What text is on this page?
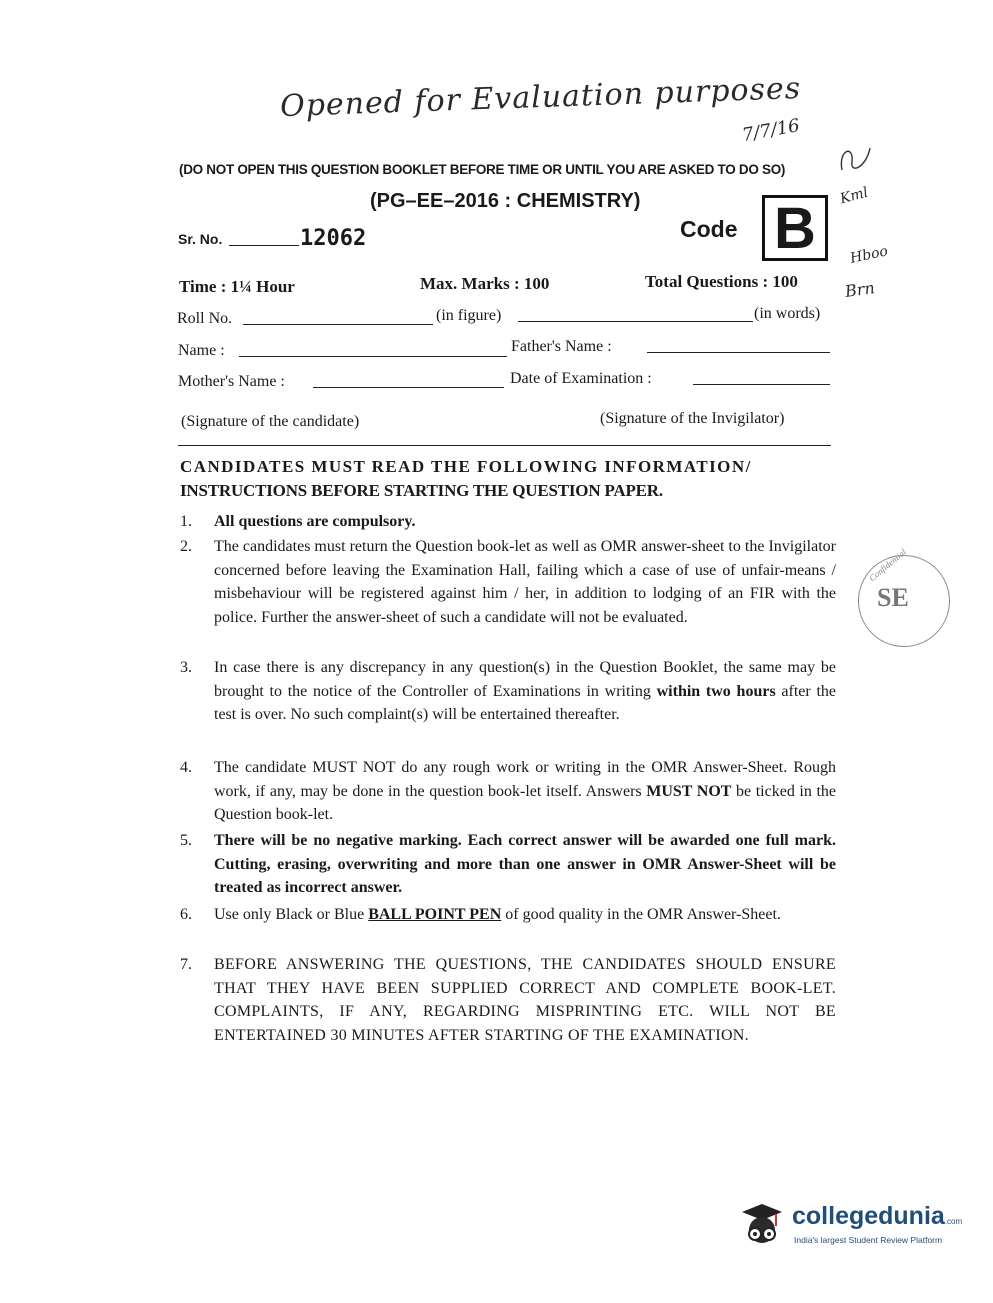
Opened for Evaluation purposes
7/7/16
Kml
Hboo
Brn
(DO NOT OPEN THIS QUESTION BOOKLET BEFORE TIME OR UNTIL YOU ARE ASKED TO DO SO)
(PG–EE–2016 : CHEMISTRY)
Sr. No.	12062	Code B
Time : 1¼ Hour	Max. Marks : 100	Total Questions : 100
Roll No.	(in figure)	(in words)
Name :	Father's Name :
Mother's Name :	Date of Examination :
(Signature of the candidate)	(Signature of the Invigilator)
CANDIDATES MUST READ THE FOLLOWING INFORMATION/
INSTRUCTIONS BEFORE STARTING THE QUESTION PAPER.
1. All questions are compulsory.
2. The candidates must return the Question book-let as well as OMR answer-sheet to the Invigilator concerned before leaving the Examination Hall, failing which a case of use of unfair-means / misbehaviour will be registered against him / her, in addition to lodging of an FIR with the police. Further the answer-sheet of such a candidate will not be evaluated.
3. In case there is any discrepancy in any question(s) in the Question Booklet, the same may be brought to the notice of the Controller of Examinations in writing within two hours after the test is over. No such complaint(s) will be entertained thereafter.
4. The candidate MUST NOT do any rough work or writing in the OMR Answer-Sheet. Rough work, if any, may be done in the question book-let itself. Answers MUST NOT be ticked in the Question book-let.
5. There will be no negative marking. Each correct answer will be awarded one full mark. Cutting, erasing, overwriting and more than one answer in OMR Answer-Sheet will be treated as incorrect answer.
6. Use only Black or Blue BALL POINT PEN of good quality in the OMR Answer-Sheet.
7. BEFORE ANSWERING THE QUESTIONS, THE CANDIDATES SHOULD ENSURE THAT THEY HAVE BEEN SUPPLIED CORRECT AND COMPLETE BOOK-LET. COMPLAINTS, IF ANY, REGARDING MISPRINTING ETC. WILL NOT BE ENTERTAINED 30 MINUTES AFTER STARTING OF THE EXAMINATION.
Confidential
SE
collegedunia.com
India's largest Student Review Platform
